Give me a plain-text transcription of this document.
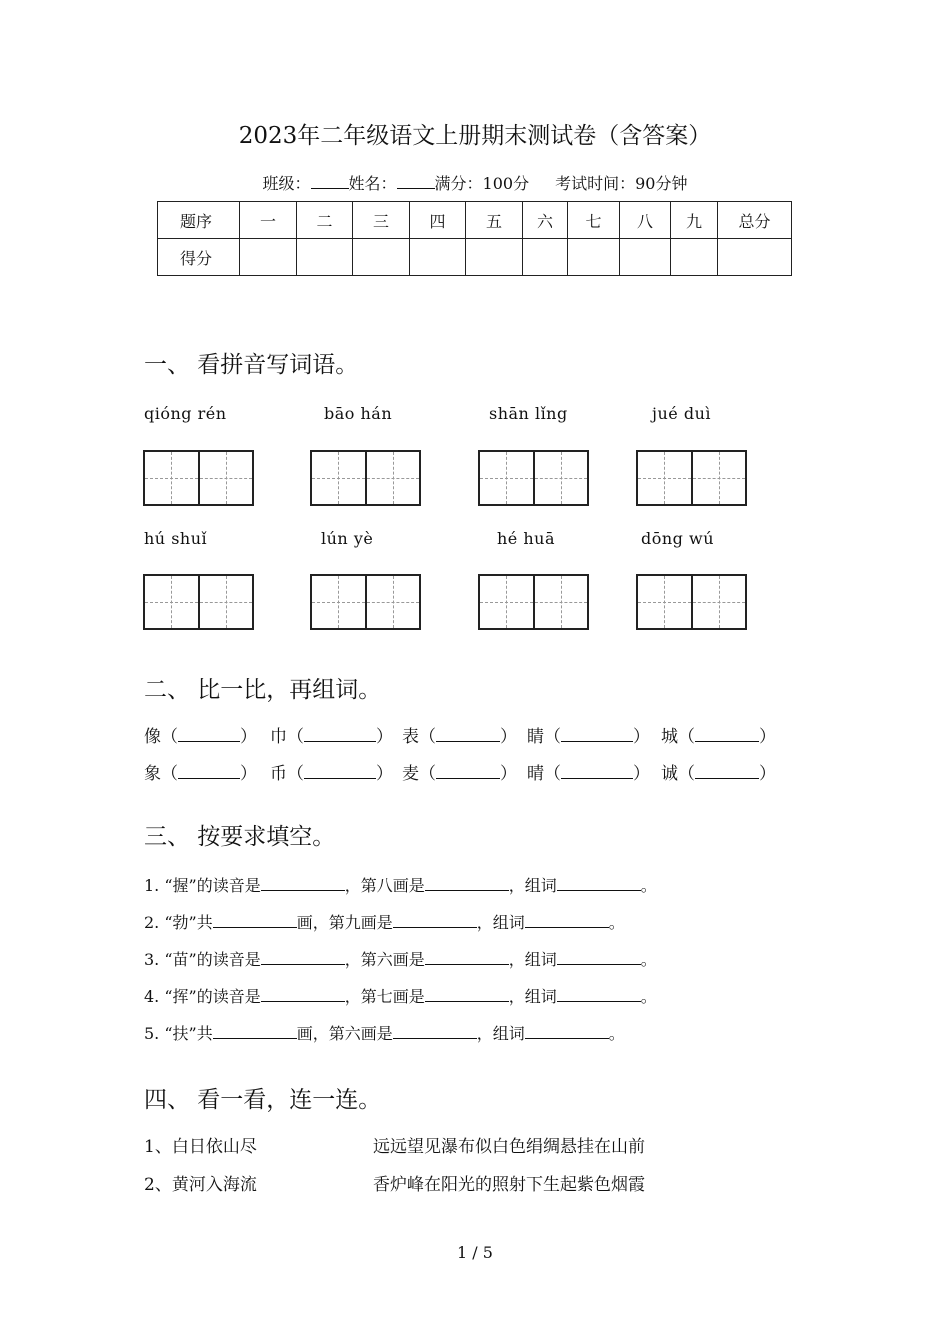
2023年二年级语文上册期末测试卷（含答案）
班级： 姓名： 满分：100分 考试时间：90分钟
题序	一	二	三	四	五	六	七	八	九	总分
得分										
一、 看拼音写词语。
qióng rén	bāo hán	shān lǐng	jué duì
hú shuǐ	lún yè	hé huā	dōng wú
二、 比一比，再组词。
像（	） 巾（	） 表（	） 睛（	） 城（	）
象（	） 币（	） 麦（	） 晴（	） 诚（	）
三、 按要求填空。
1. “握”的读音是	，第八画是	，组词	。
2. “勃”共	画，第九画是	，组词	。
3. “苗”的读音是	，第六画是	，组词	。
4. “挥”的读音是	，第七画是	，组词	。
5. “扶”共	画，第六画是	，组词	。
四、 看一看，连一连。
1、白日依山尽	远远望见瀑布似白色绢绸悬挂在山前
2、黄河入海流	香炉峰在阳光的照射下生起紫色烟霞
1 / 5
